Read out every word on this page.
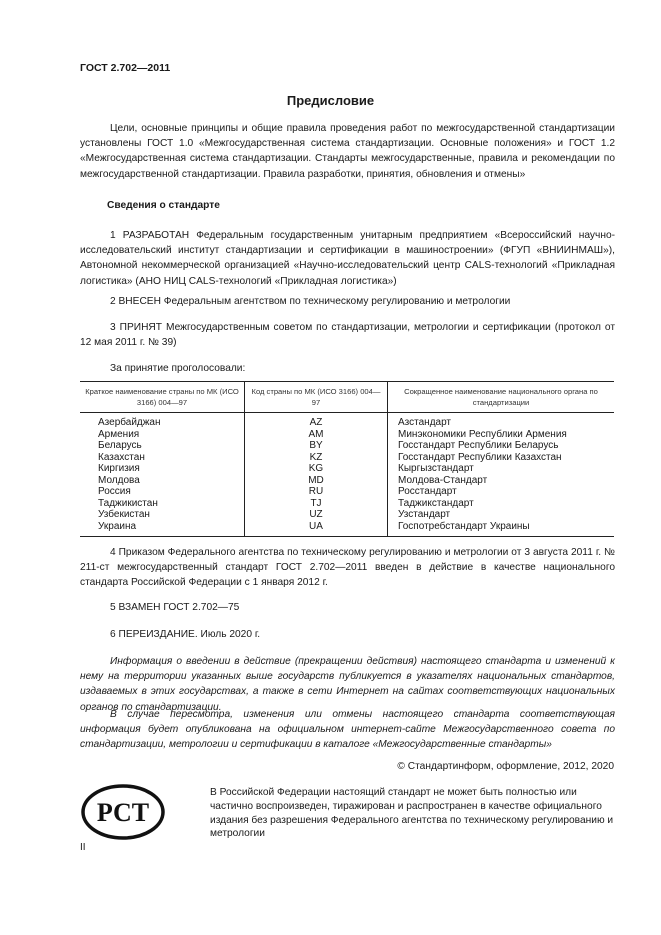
ГОСТ 2.702—2011
Предисловие
Цели, основные принципы и общие правила проведения работ по межгосударственной стандартизации установлены ГОСТ 1.0 «Межгосударственная система стандартизации. Основные положения» и ГОСТ 1.2 «Межгосударственная система стандартизации. Стандарты межгосударственные, правила и рекомендации по межгосударственной стандартизации. Правила разработки, принятия, обновления и отмены»
Сведения о стандарте
1 РАЗРАБОТАН Федеральным государственным унитарным предприятием «Всероссийский научно-исследовательский институт стандартизации и сертификации в машиностроении» (ФГУП «ВНИИНМАШ»), Автономной некоммерческой организацией «Научно-исследовательский центр CALS-технологий «Прикладная логистика» (АНО НИЦ CALS-технологий «Прикладная логистика»)
2 ВНЕСЕН Федеральным агентством по техническому регулированию и метрологии
3 ПРИНЯТ Межгосударственным советом по стандартизации, метрологии и сертификации (протокол от 12 мая 2011 г. № 39)
За принятие проголосовали:
Краткое наименование страны по МК (ИСО 3166) 004—97	Код страны по МК (ИСО 3166) 004—97	Сокращенное наименование национального органа по стандартизации
Азербайджан	AZ	Азстандарт
Армения	AM	Минэкономики Республики Армения
Беларусь	BY	Госстандарт Республики Беларусь
Казахстан	KZ	Госстандарт Республики Казахстан
Киргизия	KG	Кыргызстандарт
Молдова	MD	Молдова-Стандарт
Россия	RU	Росстандарт
Таджикистан	TJ	Таджикстандарт
Узбекистан	UZ	Узстандарт
Украина	UA	Госпотребстандарт Украины
4 Приказом Федерального агентства по техническому регулированию и метрологии от 3 августа 2011 г. № 211-ст межгосударственный стандарт ГОСТ 2.702—2011 введен в действие в качестве национального стандарта Российской Федерации с 1 января 2012 г.
5 ВЗАМЕН ГОСТ 2.702—75
6 ПЕРЕИЗДАНИЕ. Июль 2020 г.
Информация о введении в действие (прекращении действия) настоящего стандарта и изменений к нему на территории указанных выше государств публикуется в указателях национальных стандартов, издаваемых в этих государствах, а также в сети Интернет на сайтах соответствующих национальных органов по стандартизации.
В случае пересмотра, изменения или отмены настоящего стандарта соответствующая информация будет опубликована на официальном интернет-сайте Межгосударственного совета по стандартизации, метрологии и сертификации в каталоге «Межгосударственные стандарты»
© Стандартинформ, оформление, 2012, 2020
РСТ
В Российской Федерации настоящий стандарт не может быть полностью или частично воспроизведен, тиражирован и распространен в качестве официального издания без разрешения Федерального агентства по техническому регулированию и метрологии
II
